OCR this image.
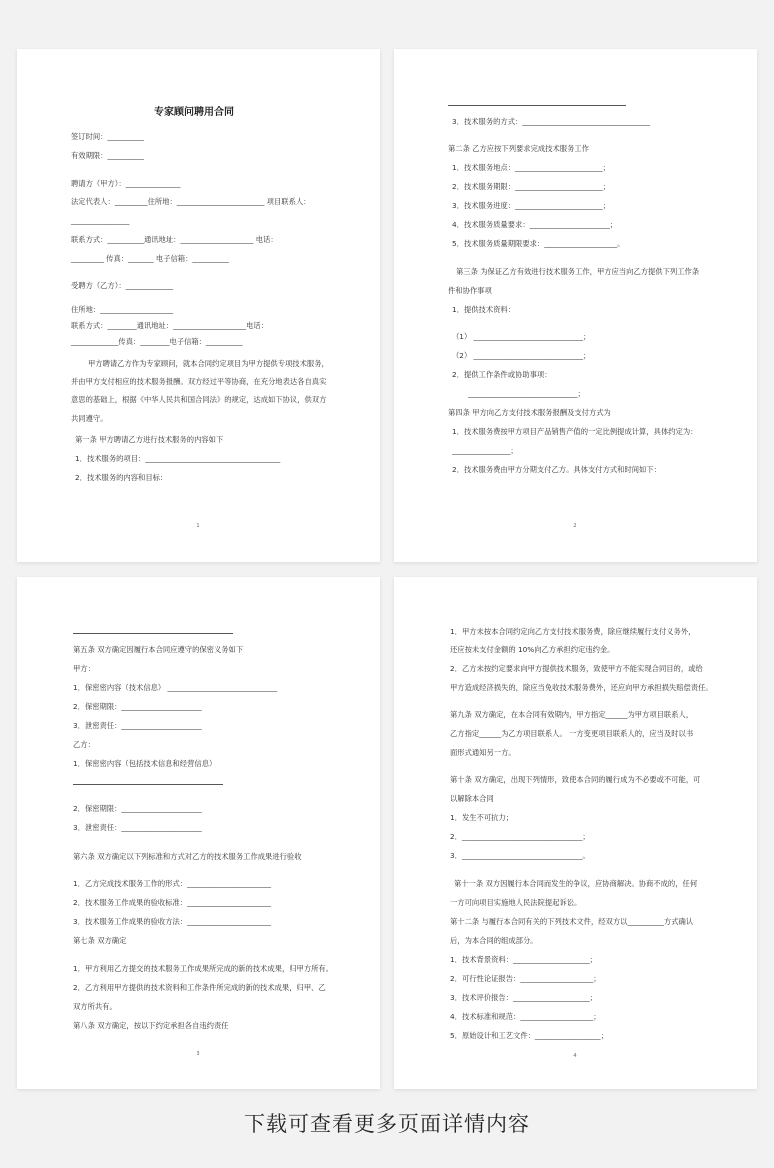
专家顾问聘用合同
签订时间：__________
有效期限：__________
聘请方（甲方）：_______________
法定代表人：_________住所地：________________________ 项目联系人：
________________
联系方式：__________通讯地址：____________________ 电话：
_________ 传真：_______ 电子信箱：__________
受聘方（乙方）：_____________
住所地：____________________
联系方式：________通讯地址：____________________电话：
_____________传真：________电子信箱：__________
甲方聘请乙方作为专家顾问，就本合同约定项目为甲方提供专项技术服务，
并由甲方支付相应的技术服务报酬。双方经过平等协商，在充分地表达各自真实
意思的基础上，根据《中华人民共和国合同法》的规定，达成如下协议，供双方
共同遵守。
第一条 甲方聘请乙方进行技术服务的内容如下
1．技术服务的项目：_____________________________________
2．技术服务的内容和目标：
1
3．技术服务的方式：___________________________________
第二条 乙方应按下列要求完成技术服务工作
1．技术服务地点：________________________；
2．技术服务期限：________________________；
3．技术服务进度：________________________；
4．技术服务质量要求：______________________；
5．技术服务质量期限要求：____________________。
第三条 为保证乙方有效进行技术服务工作，甲方应当向乙方提供下列工作条
件和协作事项
1．提供技术资料：
（1） ______________________________；
（2） ______________________________；
2．提供工作条件或协助事项：
______________________________；
第四条 甲方向乙方支付技术服务报酬及支付方式为
1．技术服务费按甲方项目产品销售产值的一定比例提成计算，具体约定为：
________________；
2．技术服务费由甲方分期支付乙方。具体支付方式和时间如下：
2
第五条 双方确定因履行本合同应遵守的保密义务如下
甲方：
1．保密密内容（技术信息） ______________________________
2．保密期限：______________________
3．泄密责任：______________________
乙方：
1．保密密内容（包括技术信息和经营信息）
2．保密期限：______________________
3．泄密责任：______________________
第六条 双方确定以下列标准和方式对乙方的技术服务工作成果进行验收
1．乙方完成技术服务工作的形式：_______________________
2．技术服务工作成果的验收标准：_______________________
3．技术服务工作成果的验收方法：_______________________
第七条 双方确定
1．甲方利用乙方提交的技术服务工作成果所完成的新的技术成果，归甲方所有。
2．乙方利用甲方提供的技术资料和工作条件所完成的新的技术成果，归甲、乙
双方所共有。
第八条 双方确定，按以下约定承担各自违约责任
3
1．甲方未按本合同约定向乙方支付技术服务费，除应继续履行支付义务外，
还应按未支付金额的 10%向乙方承担约定违约金。
2．乙方未按约定要求向甲方提供技术服务，致使甲方不能实现合同目的，或给
甲方造成经济损失的，除应当免收技术服务费外，还应向甲方承担损失赔偿责任。
第九条 双方确定，在本合同有效期内，甲方指定______为甲方项目联系人，
乙方指定______为乙方项目联系人。 一方变更项目联系人的，应当及时以书
面形式通知另一方。
第十条 双方确定，出现下列情形，致使本合同的履行成为不必要或不可能，可
以解除本合同
1．发生不可抗力；
2．_________________________________；
3．_________________________________。
第十一条 双方因履行本合同而发生的争议，应协商解决。协商不成的，任何
一方可向项目实施地人民法院提起诉讼。
第十二条 与履行本合同有关的下列技术文件，经双方以__________方式确认
后，为本合同的组成部分。
1．技术背景资料：_____________________；
2．可行性论证报告：____________________；
3．技术评价报告：_____________________；
4．技术标准和规范：____________________；
5．原始设计和工艺文件：__________________；
4
下载可查看更多页面详情内容
